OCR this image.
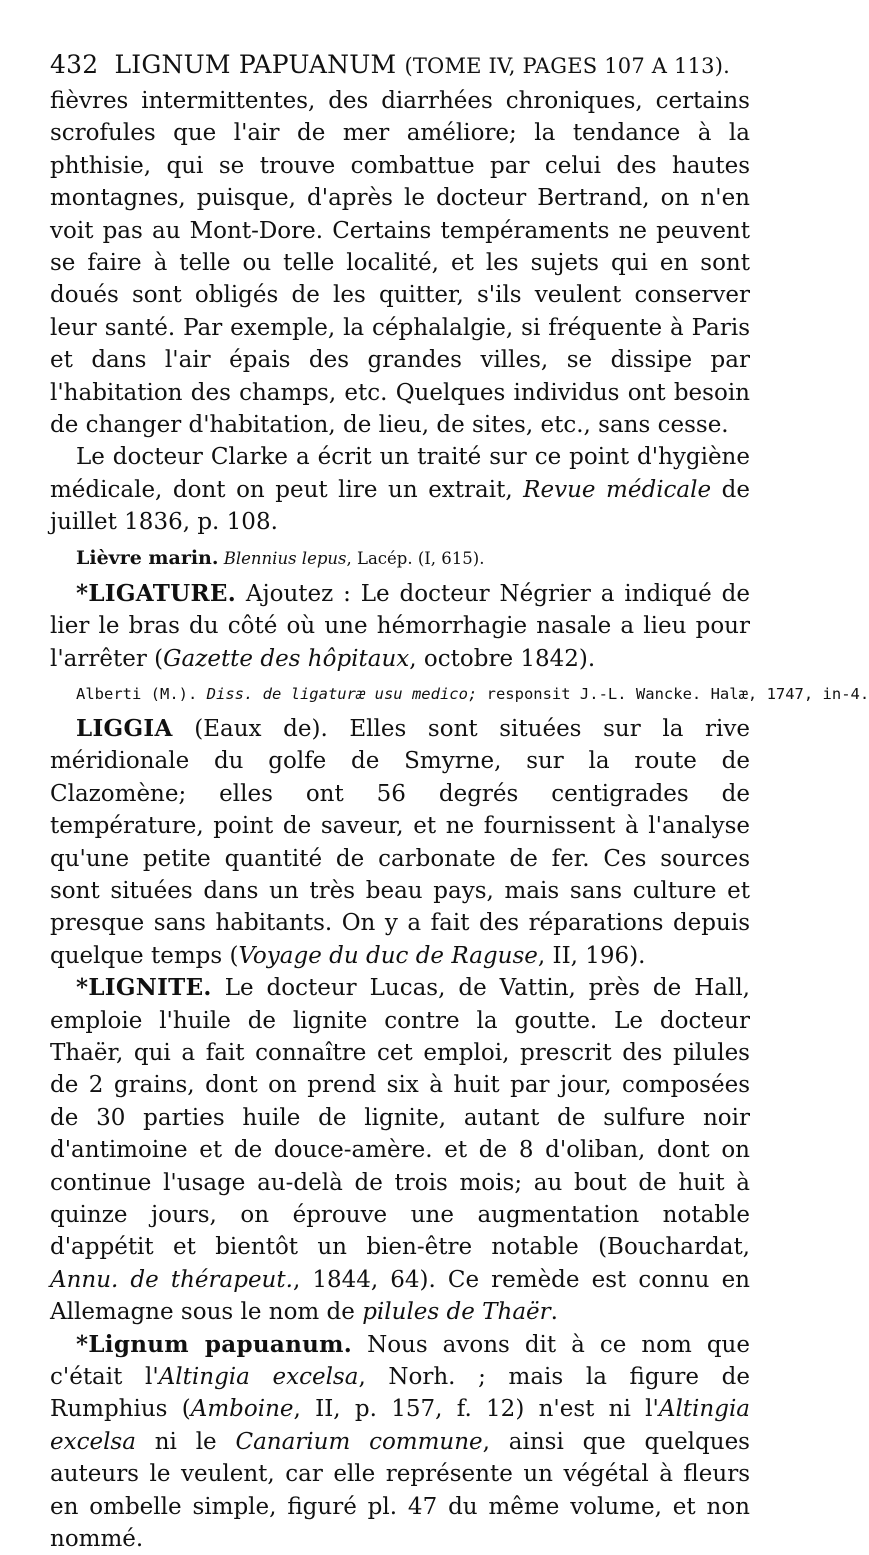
432 LIGNUM PAPUANUM (TOME IV, PAGES 107 A 113).

fièvres intermittentes, des diarrhées chroniques, certains scrofules que l'air de mer améliore; la tendance à la phthisie, qui se trouve combattue par celui des hautes montagnes, puisque, d'après le docteur Bertrand, on n'en voit pas au Mont-Dore. Certains tempéraments ne peuvent se faire à telle ou telle localité, et les sujets qui en sont doués sont obligés de les quitter, s'ils veulent conserver leur santé. Par exemple, la céphalalgie, si fréquente à Paris et dans l'air épais des grandes villes, se dissipe par l'habitation des champs, etc. Quelques individus ont besoin de changer d'habitation, de lieu, de sites, etc., sans cesse.

Le docteur Clarke a écrit un traité sur ce point d'hygiène médicale, dont on peut lire un extrait, Revue médicale de juillet 1836, p. 108.

Lièvre marin. Blennius lepus, Lacép. (I, 615).

*LIGATURE. Ajoutez : Le docteur Négrier a indiqué de lier le bras du côté où une hémorrhagie nasale a lieu pour l'arrêter (Gazette des hôpitaux, octobre 1842).

Alberti (M.). Diss. de ligaturæ usu medico; responsit J.-L. Wancke. Halæ, 1747, in-4.

LIGGIA (Eaux de). Elles sont situées sur la rive méridionale du golfe de Smyrne, sur la route de Clazomène; elles ont 56 degrés centigrades de température, point de saveur, et ne fournissent à l'analyse qu'une petite quantité de carbonate de fer. Ces sources sont situées dans un très beau pays, mais sans culture et presque sans habitants. On y a fait des réparations depuis quelque temps (Voyage du duc de Raguse, II, 196).

*LIGNITE. Le docteur Lucas, de Vattin, près de Hall, emploie l'huile de lignite contre la goutte. Le docteur Thaër, qui a fait connaître cet emploi, prescrit des pilules de 2 grains, dont on prend six à huit par jour, composées de 30 parties huile de lignite, autant de sulfure noir d'antimoine et de douce-amère. et de 8 d'oliban, dont on continue l'usage au-delà de trois mois; au bout de huit à quinze jours, on éprouve une augmentation notable d'appétit et bientôt un bien-être notable (Bouchardat, Annu. de thérapeut., 1844, 64). Ce remède est connu en Allemagne sous le nom de pilules de Thaër.

*Lignum papuanum. Nous avons dit à ce nom que c'était l'Altingia excelsa, Norh. ; mais la figure de Rumphius (Amboine, II, p. 157, f. 12) n'est ni l'Altingia excelsa ni le Canarium commune, ainsi que quelques auteurs le veulent, car elle représente un végétal à fleurs en ombelle simple, figuré pl. 47 du même volume, et non nommé.
